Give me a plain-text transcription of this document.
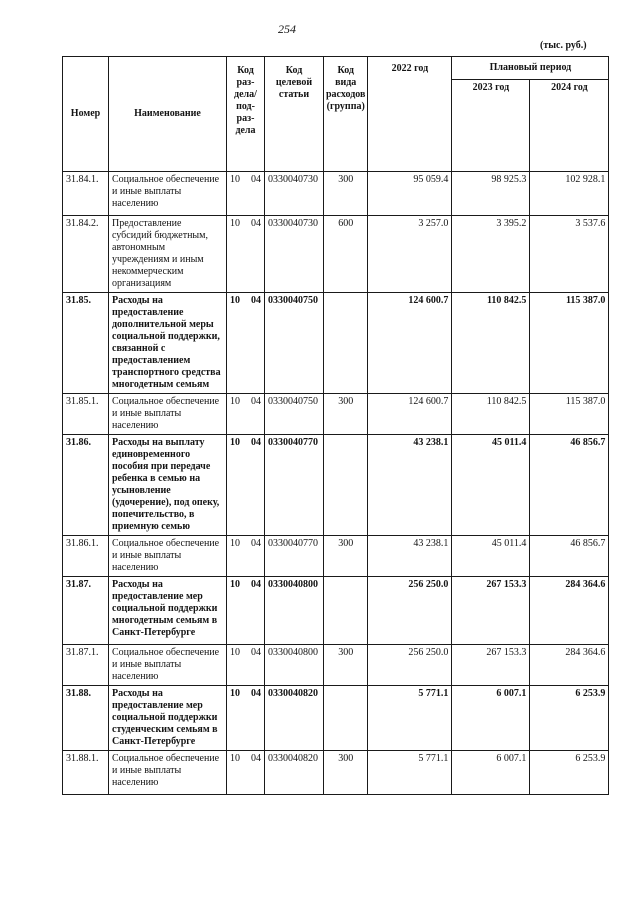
254
(тыс. руб.)
Номер	Наименование	Код раз-дела/ под-раз-дела	Код целевой статьи	Код вида расходов (группа)	2022 год	Плановый период	
						2023 год	2024 год
31.84.1.	Социальное обеспечение и иные выплаты населению	10 04	0330040730	300	95 059.4	98 925.3	102 928.1
31.84.2.	Предоставление субсидий бюджетным, автономным учреждениям и иным некоммерческим организациям	10 04	0330040730	600	3 257.0	3 395.2	3 537.6
31.85.	Расходы на предоставление дополнительной меры социальной поддержки, связанной с предоставлением транспортного средства многодетным семьям	10 04	0330040750		124 600.7	110 842.5	115 387.0
31.85.1.	Социальное обеспечение и иные выплаты населению	10 04	0330040750	300	124 600.7	110 842.5	115 387.0
31.86.	Расходы на выплату единовременного пособия при передаче ребенка в семью на усыновление (удочерение), под опеку, попечительство, в приемную семью	10 04	0330040770		43 238.1	45 011.4	46 856.7
31.86.1.	Социальное обеспечение и иные выплаты населению	10 04	0330040770	300	43 238.1	45 011.4	46 856.7
31.87.	Расходы на предоставление мер социальной поддержки многодетным семьям в Санкт-Петербурге	10 04	0330040800		256 250.0	267 153.3	284 364.6
31.87.1.	Социальное обеспечение и иные выплаты населению	10 04	0330040800	300	256 250.0	267 153.3	284 364.6
31.88.	Расходы на предоставление мер социальной поддержки студенческим семьям в Санкт-Петербурге	10 04	0330040820		5 771.1	6 007.1	6 253.9
31.88.1.	Социальное обеспечение и иные выплаты населению	10 04	0330040820	300	5 771.1	6 007.1	6 253.9
